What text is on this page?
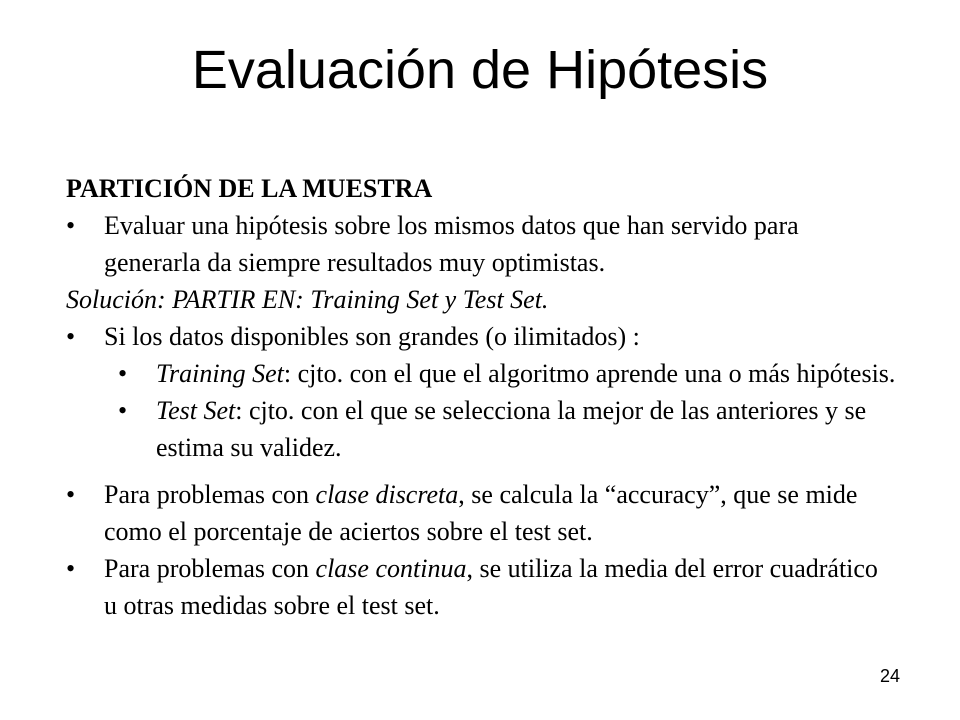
Evaluación de Hipótesis

PARTICIÓN DE LA MUESTRA

• Evaluar una hipótesis sobre los mismos datos que han servido para generarla da siempre resultados muy optimistas.

Solución: PARTIR EN: Training Set y Test Set.

• Si los datos disponibles son grandes (o ilimitados) :

• Training Set: cjto. con el que el algoritmo aprende una o más hipótesis.

• Test Set: cjto. con el que se selecciona la mejor de las anteriores y se estima su validez.

• Para problemas con clase discreta, se calcula la “accuracy”, que se mide como el porcentaje de aciertos sobre el test set.

• Para problemas con clase continua, se utiliza la media del error cuadrático u otras medidas sobre el test set.

24
